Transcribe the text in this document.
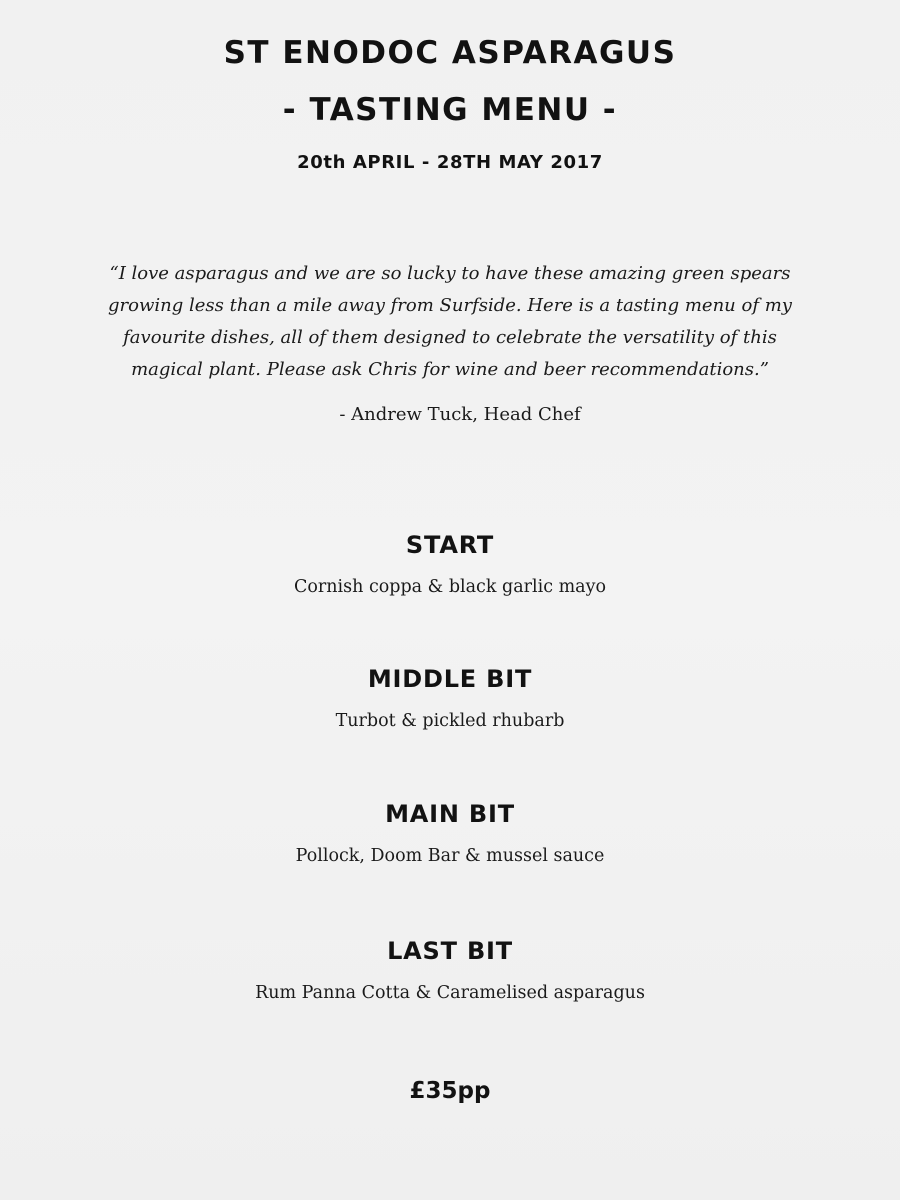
ST ENODOC ASPARAGUS
- TASTING MENU -
20th APRIL - 28TH MAY 2017

“I love asparagus and we are so lucky to have these amazing green spears growing less than a mile away from Surfside. Here is a tasting menu of my favourite dishes, all of them designed to celebrate the versatility of this magical plant. Please ask Chris for wine and beer recommendations.”

- Andrew Tuck, Head Chef
START
Cornish coppa & black garlic mayo
MIDDLE BIT
Turbot & pickled rhubarb
MAIN BIT
Pollock, Doom Bar & mussel sauce
LAST BIT
Rum Panna Cotta & Caramelised asparagus
£35pp
